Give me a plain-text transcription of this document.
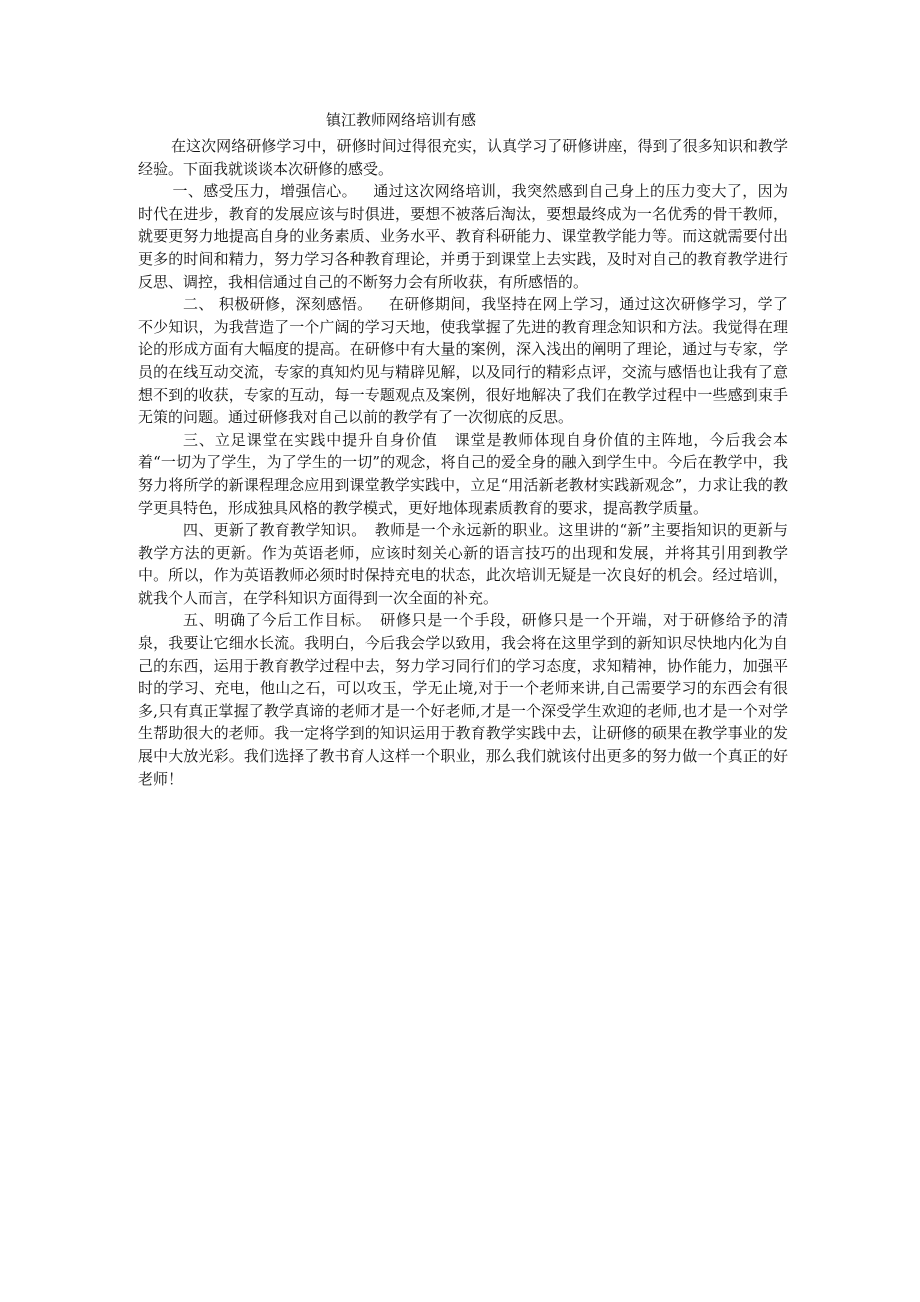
镇江教师网络培训有感

在这次网络研修学习中，研修时间过得很充实，认真学习了研修讲座，得到了很多知识和教学经验。下面我就谈谈本次研修的感受。

一、感受压力，增强信心。 通过这次网络培训，我突然感到自己身上的压力变大了，因为时代在进步，教育的发展应该与时俱进，要想不被落后淘汰，要想最终成为一名优秀的骨干教师，就要更努力地提高自身的业务素质、业务水平、教育科研能力、课堂教学能力等。而这就需要付出更多的时间和精力，努力学习各种教育理论，并勇于到课堂上去实践，及时对自己的教育教学进行反思、调控，我相信通过自己的不断努力会有所收获，有所感悟的。

二、 积极研修，深刻感悟。 在研修期间，我坚持在网上学习，通过这次研修学习，学了不少知识，为我营造了一个广阔的学习天地，使我掌握了先进的教育理念知识和方法。我觉得在理论的形成方面有大幅度的提高。在研修中有大量的案例，深入浅出的阐明了理论，通过与专家，学员的在线互动交流，专家的真知灼见与精辟见解，以及同行的精彩点评，交流与感悟也让我有了意想不到的收获，专家的互动，每一专题观点及案例，很好地解决了我们在教学过程中一些感到束手无策的问题。通过研修我对自己以前的教学有了一次彻底的反思。

三、立足课堂在实践中提升自身价值 课堂是教师体现自身价值的主阵地，今后我会本着“一切为了学生，为了学生的一切”的观念，将自己的爱全身的融入到学生中。今后在教学中，我努力将所学的新课程理念应用到课堂教学实践中，立足“用活新老教材实践新观念”，力求让我的教学更具特色，形成独具风格的教学模式，更好地体现素质教育的要求，提高教学质量。

四、更新了教育教学知识。 教师是一个永远新的职业。这里讲的“新”主要指知识的更新与教学方法的更新。作为英语老师，应该时刻关心新的语言技巧的出现和发展，并将其引用到教学中。所以，作为英语教师必须时时保持充电的状态，此次培训无疑是一次良好的机会。经过培训，就我个人而言，在学科知识方面得到一次全面的补充。

五、明确了今后工作目标。 研修只是一个手段，研修只是一个开端，对于研修给予的清泉，我要让它细水长流。我明白，今后我会学以致用，我会将在这里学到的新知识尽快地内化为自己的东西，运用于教育教学过程中去，努力学习同行们的学习态度，求知精神，协作能力，加强平时的学习、充电，他山之石，可以攻玉，学无止境,对于一个老师来讲,自己需要学习的东西会有很多,只有真正掌握了教学真谛的老师才是一个好老师,才是一个深受学生欢迎的老师,也才是一个对学生帮助很大的老师。我一定将学到的知识运用于教育教学实践中去，让研修的硕果在教学事业的发展中大放光彩。我们选择了教书育人这样一个职业，那么我们就该付出更多的努力做一个真正的好老师！
